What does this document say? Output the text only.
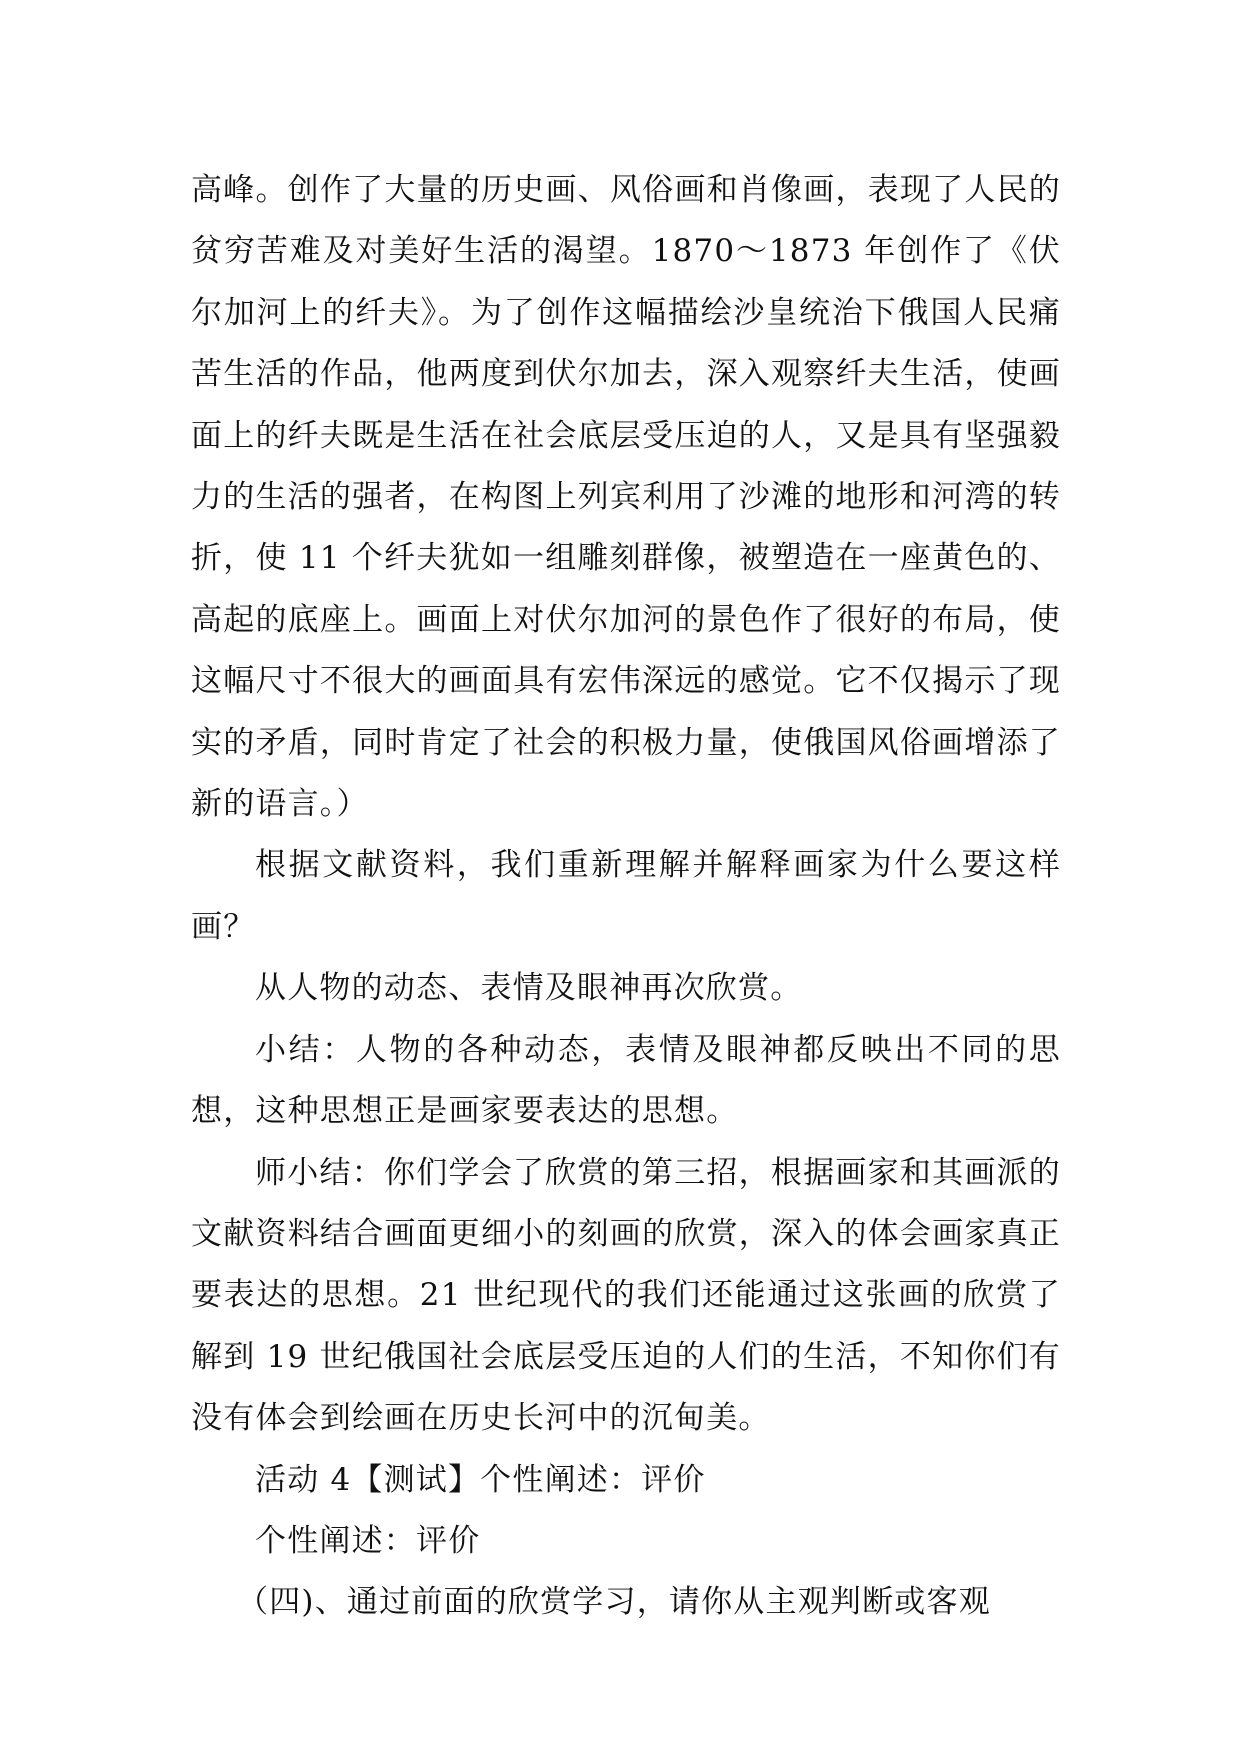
高峰。创作了大量的历史画、风俗画和肖像画，表现了人民的贫穷苦难及对美好生活的渴望。1870～1873 年创作了《伏尔加河上的纤夫》。为了创作这幅描绘沙皇统治下俄国人民痛苦生活的作品，他两度到伏尔加去，深入观察纤夫生活，使画面上的纤夫既是生活在社会底层受压迫的人，又是具有坚强毅力的生活的强者，在构图上列宾利用了沙滩的地形和河湾的转折，使 11 个纤夫犹如一组雕刻群像，被塑造在一座黄色的、高起的底座上。画面上对伏尔加河的景色作了很好的布局，使这幅尺寸不很大的画面具有宏伟深远的感觉。它不仅揭示了现实的矛盾，同时肯定了社会的积极力量，使俄国风俗画增添了新的语言。）

根据文献资料，我们重新理解并解释画家为什么要这样画？

从人物的动态、表情及眼神再次欣赏。

小结：人物的各种动态，表情及眼神都反映出不同的思想，这种思想正是画家要表达的思想。

师小结：你们学会了欣赏的第三招，根据画家和其画派的文献资料结合画面更细小的刻画的欣赏，深入的体会画家真正要表达的思想。21 世纪现代的我们还能通过这张画的欣赏了解到 19 世纪俄国社会底层受压迫的人们的生活，不知你们有没有体会到绘画在历史长河中的沉甸美。

活动 4【测试】个性阐述：评价

个性阐述：评价

（四)、通过前面的欣赏学习，请你从主观判断或客观
